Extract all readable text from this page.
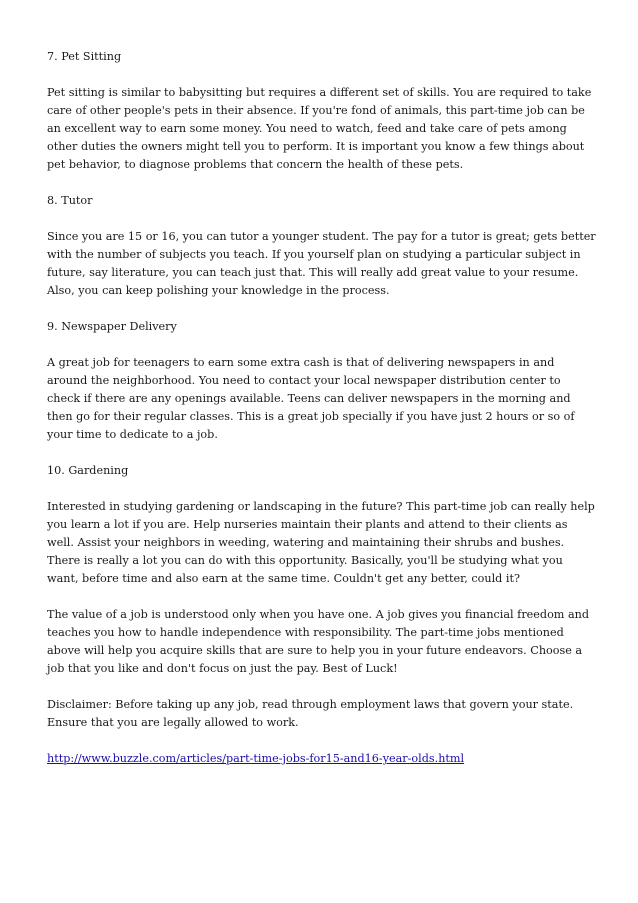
7. Pet Sitting

Pet sitting is similar to babysitting but requires a different set of skills. You are required to take care of other people's pets in their absence. If you're fond of animals, this part-time job can be an excellent way to earn some money. You need to watch, feed and take care of pets among other duties the owners might tell you to perform. It is important you know a few things about pet behavior, to diagnose problems that concern the health of these pets.

8. Tutor

Since you are 15 or 16, you can tutor a younger student. The pay for a tutor is great; gets better with the number of subjects you teach. If you yourself plan on studying a particular subject in future, say literature, you can teach just that. This will really add great value to your resume. Also, you can keep polishing your knowledge in the process.

9. Newspaper Delivery

A great job for teenagers to earn some extra cash is that of delivering newspapers in and around the neighborhood. You need to contact your local newspaper distribution center to check if there are any openings available. Teens can deliver newspapers in the morning and then go for their regular classes. This is a great job specially if you have just 2 hours or so of your time to dedicate to a job.

10. Gardening

Interested in studying gardening or landscaping in the future? This part-time job can really help you learn a lot if you are. Help nurseries maintain their plants and attend to their clients as well. Assist your neighbors in weeding, watering and maintaining their shrubs and bushes. There is really a lot you can do with this opportunity. Basically, you'll be studying what you want, before time and also earn at the same time. Couldn't get any better, could it?

The value of a job is understood only when you have one. A job gives you financial freedom and teaches you how to handle independence with responsibility. The part-time jobs mentioned above will help you acquire skills that are sure to help you in your future endeavors. Choose a job that you like and don't focus on just the pay. Best of Luck!

Disclaimer: Before taking up any job, read through employment laws that govern your state. Ensure that you are legally allowed to work.

http://www.buzzle.com/articles/part-time-jobs-for15-and16-year-olds.html
